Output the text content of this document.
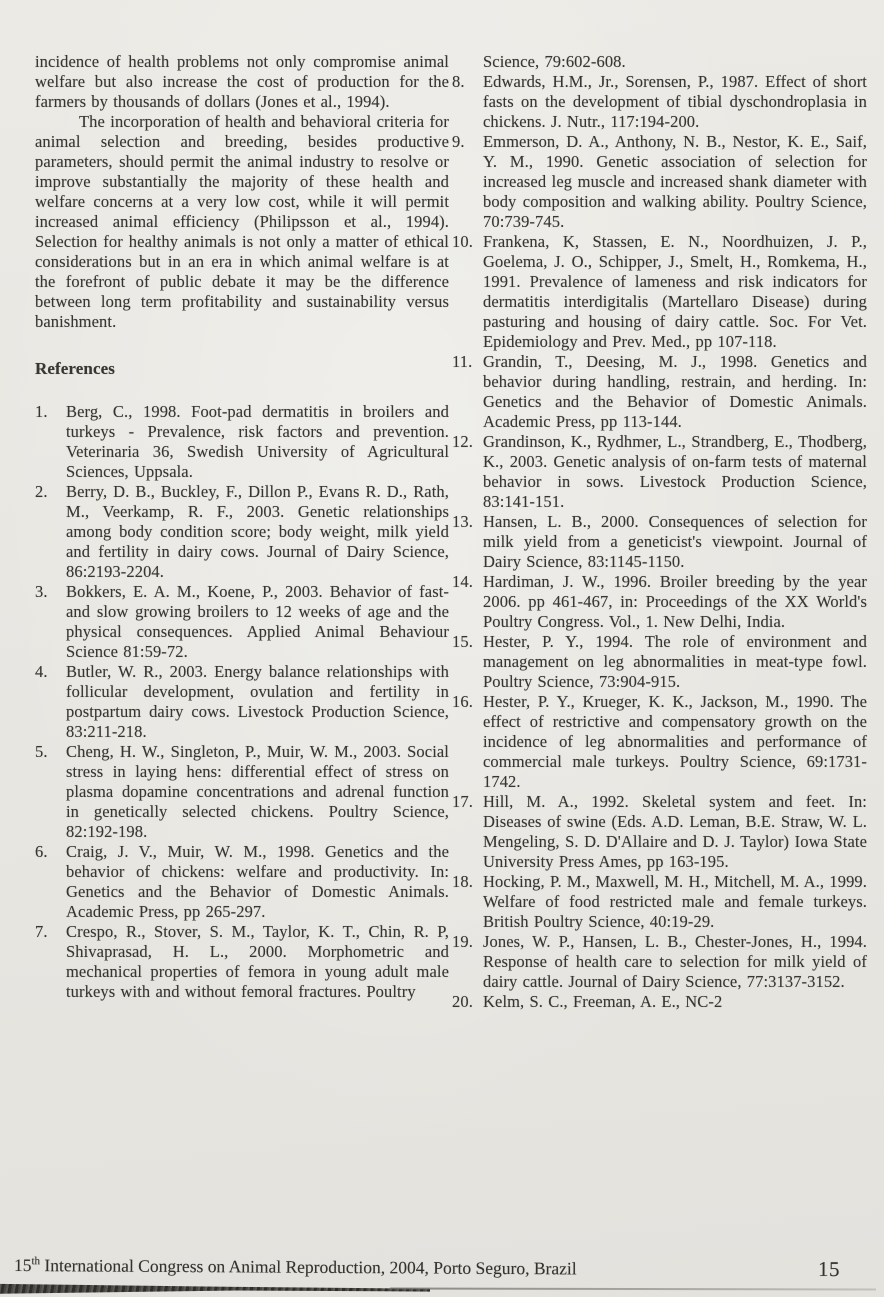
incidence of health problems not only compromise animal welfare but also increase the cost of production for the farmers by thousands of dollars (Jones et al., 1994).

The incorporation of health and behavioral criteria for animal selection and breeding, besides productive parameters, should permit the animal industry to resolve or improve substantially the majority of these health and welfare concerns at a very low cost, while it will permit increased animal efficiency (Philipsson et al., 1994). Selection for healthy animals is not only a matter of ethical considerations but in an era in which animal welfare is at the forefront of public debate it may be the difference between long term profitability and sustainability versus banishment.

References
1. Berg, C., 1998. Foot-pad dermatitis in broilers and turkeys - Prevalence, risk factors and prevention. Veterinaria 36, Swedish University of Agricultural Sciences, Uppsala.
2. Berry, D. B., Buckley, F., Dillon P., Evans R. D., Rath, M., Veerkamp, R. F., 2003. Genetic relationships among body condition score; body weight, milk yield and fertility in dairy cows. Journal of Dairy Science, 86:2193-2204.
3. Bokkers, E. A. M., Koene, P., 2003. Behavior of fast- and slow growing broilers to 12 weeks of age and the physical consequences. Applied Animal Behaviour Science 81:59-72.
4. Butler, W. R., 2003. Energy balance relationships with follicular development, ovulation and fertility in postpartum dairy cows. Livestock Production Science, 83:211-218.
5. Cheng, H. W., Singleton, P., Muir, W. M., 2003. Social stress in laying hens: differential effect of stress on plasma dopamine concentrations and adrenal function in genetically selected chickens. Poultry Science, 82:192-198.
6. Craig, J. V., Muir, W. M., 1998. Genetics and the behavior of chickens: welfare and productivity. In: Genetics and the Behavior of Domestic Animals. Academic Press, pp 265-297.
7. Crespo, R., Stover, S. M., Taylor, K. T., Chin, R. P, Shivaprasad, H. L., 2000. Morphometric and mechanical properties of femora in young adult male turkeys with and without femoral fractures. Poultry
Science, 79:602-608.
8. Edwards, H.M., Jr., Sorensen, P., 1987. Effect of short fasts on the development of tibial dyschondroplasia in chickens. J. Nutr., 117:194-200.
9. Emmerson, D. A., Anthony, N. B., Nestor, K. E., Saif, Y. M., 1990. Genetic association of selection for increased leg muscle and increased shank diameter with body composition and walking ability. Poultry Science, 70:739-745.
10. Frankena, K, Stassen, E. N., Noordhuizen, J. P., Goelema, J. O., Schipper, J., Smelt, H., Romkema, H., 1991. Prevalence of lameness and risk indicators for dermatitis interdigitalis (Martellaro Disease) during pasturing and housing of dairy cattle. Soc. For Vet. Epidemiology and Prev. Med., pp 107-118.
11. Grandin, T., Deesing, M. J., 1998. Genetics and behavior during handling, restrain, and herding. In: Genetics and the Behavior of Domestic Animals. Academic Press, pp 113-144.
12. Grandinson, K., Rydhmer, L., Strandberg, E., Thodberg, K., 2003. Genetic analysis of on-farm tests of maternal behavior in sows. Livestock Production Science, 83:141-151.
13. Hansen, L. B., 2000. Consequences of selection for milk yield from a geneticist's viewpoint. Journal of Dairy Science, 83:1145-1150.
14. Hardiman, J. W., 1996. Broiler breeding by the year 2006. pp 461-467, in: Proceedings of the XX World's Poultry Congress. Vol., 1. New Delhi, India.
15. Hester, P. Y., 1994. The role of environment and management on leg abnormalities in meat-type fowl. Poultry Science, 73:904-915.
16. Hester, P. Y., Krueger, K. K., Jackson, M., 1990. The effect of restrictive and compensatory growth on the incidence of leg abnormalities and performance of commercial male turkeys. Poultry Science, 69:1731-1742.
17. Hill, M. A., 1992. Skeletal system and feet. In: Diseases of swine (Eds. A.D. Leman, B.E. Straw, W. L. Mengeling, S. D. D'Allaire and D. J. Taylor) Iowa State University Press Ames, pp 163-195.
18. Hocking, P. M., Maxwell, M. H., Mitchell, M. A., 1999. Welfare of food restricted male and female turkeys. British Poultry Science, 40:19-29.
19. Jones, W. P., Hansen, L. B., Chester-Jones, H., 1994. Response of health care to selection for milk yield of dairy cattle. Journal of Dairy Science, 77:3137-3152.
20. Kelm, S. C., Freeman, A. E., NC-2
15th International Congress on Animal Reproduction, 2004, Porto Seguro, Brazil	15
